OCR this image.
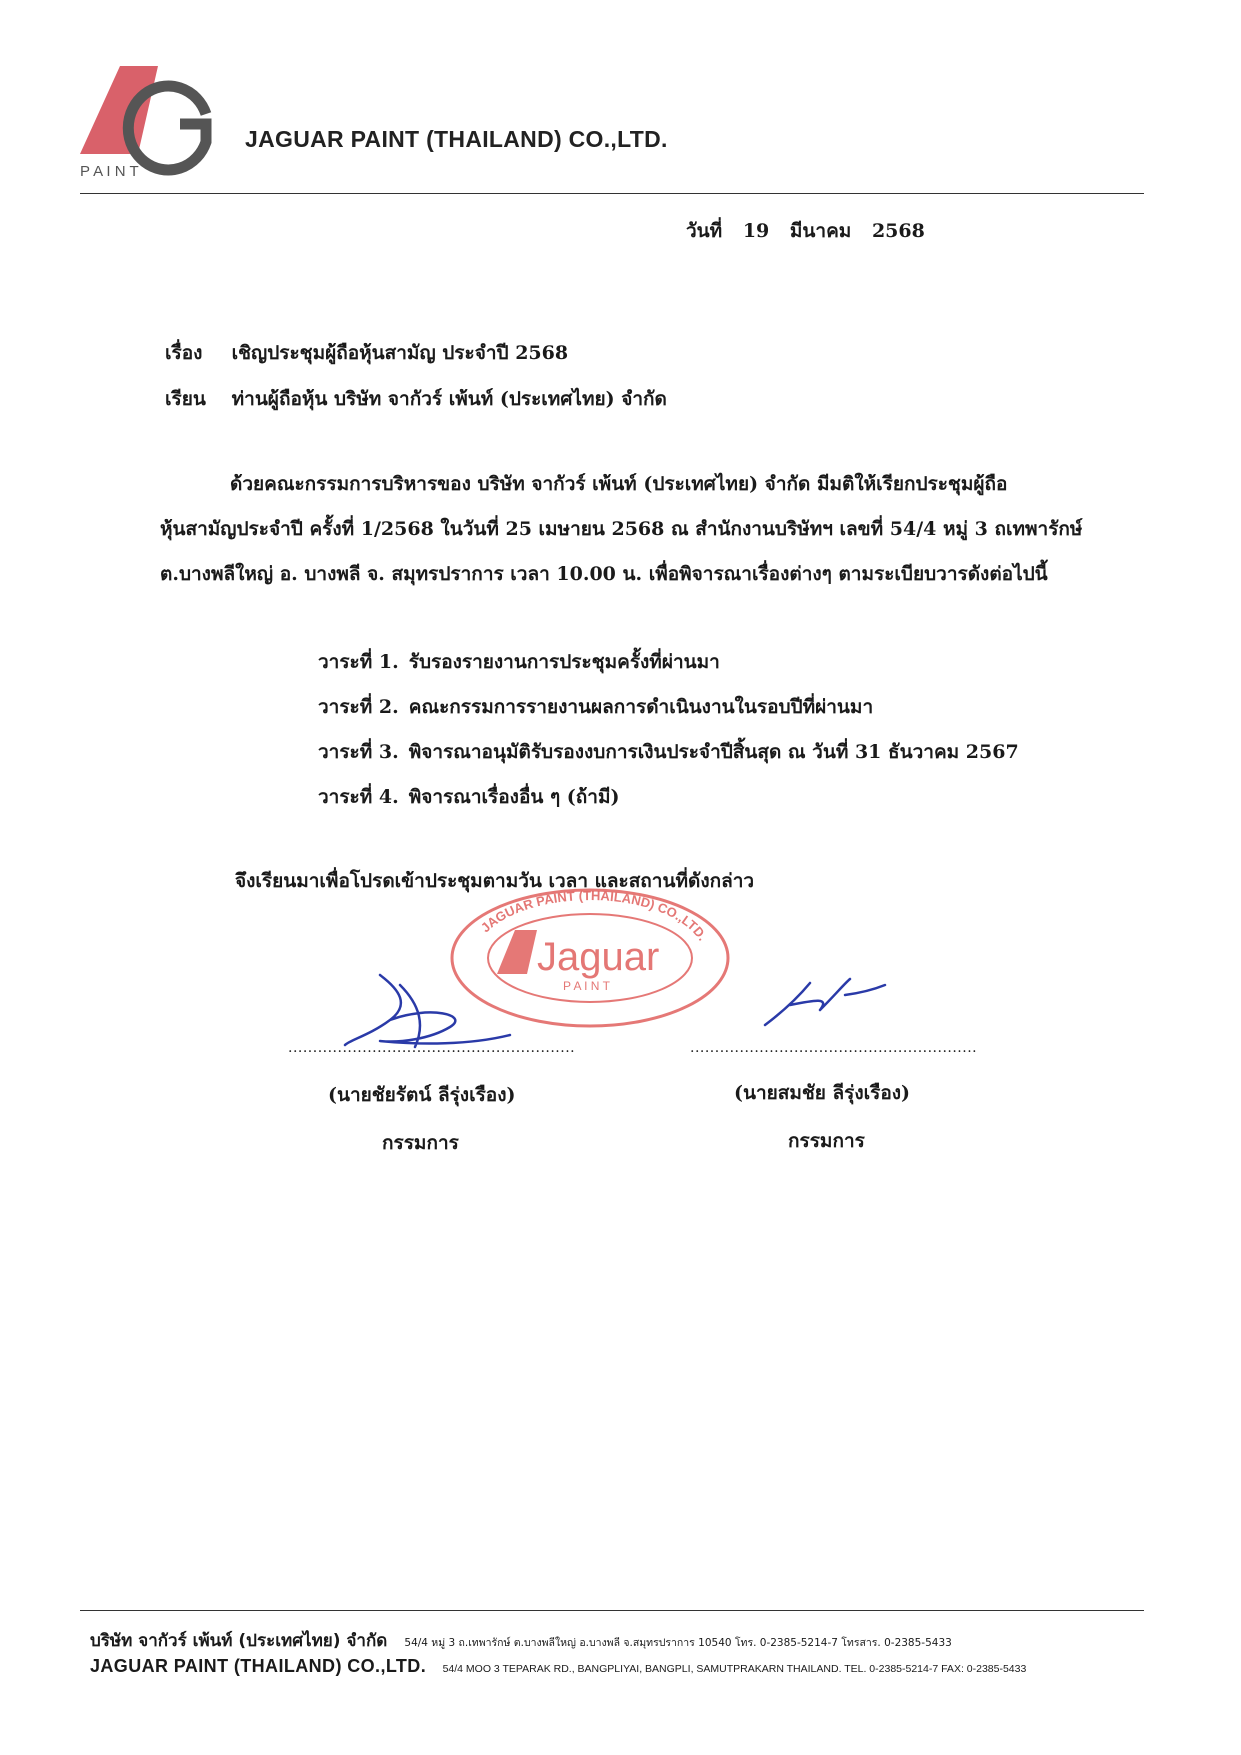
P A I N T
JAGUAR PAINT (THAILAND) CO.,LTD.
วันที่ 19 มีนาคม 2568
เรื่อง เชิญประชุมผู้ถือหุ้นสามัญ ประจำปี 2568
เรียน ท่านผู้ถือหุ้น บริษัท จากัวร์ เพ้นท์ (ประเทศไทย) จำกัด
ด้วยคณะกรรมการบริหารของ บริษัท จากัวร์ เพ้นท์ (ประเทศไทย) จำกัด มีมติให้เรียกประชุมผู้ถือ
หุ้นสามัญประจำปี ครั้งที่ 1/2568 ในวันที่ 25 เมษายน 2568 ณ สำนักงานบริษัทฯ เลขที่ 54/4 หมู่ 3 ถเทพารักษ์
ต.บางพลีใหญ่ อ. บางพลี จ. สมุทรปราการ เวลา 10.00 น. เพื่อพิจารณาเรื่องต่างๆ ตามระเบียบวารดังต่อไปนี้
วาระที่ 1. รับรองรายงานการประชุมครั้งที่ผ่านมา
วาระที่ 2. คณะกรรมการรายงานผลการดำเนินงานในรอบปีที่ผ่านมา
วาระที่ 3. พิจารณาอนุมัติรับรองงบการเงินประจำปีสิ้นสุด ณ วันที่ 31 ธันวาคม 2567
วาระที่ 4. พิจารณาเรื่องอื่น ๆ (ถ้ามี)
จึงเรียนมาเพื่อโปรดเข้าประชุมตามวัน เวลา และสถานที่ดังกล่าว
JAGUAR PAINT (THAILAND) CO.,LTD.
Jaguar
P A I N T
..........................................................	..........................................................
(นายชัยรัตน์ ลีรุ่งเรือง)	(นายสมชัย ลีรุ่งเรือง)
กรรมการ	กรรมการ
บริษัท จากัวร์ เพ้นท์ (ประเทศไทย) จำกัด 54/4 หมู่ 3 ถ.เทพารักษ์ ต.บางพลีใหญ่ อ.บางพลี จ.สมุทรปราการ 10540 โทร. 0-2385-5214-7 โทรสาร. 0-2385-5433
JAGUAR PAINT (THAILAND) CO.,LTD. 54/4 MOO 3 TEPARAK RD., BANGPLIYAI, BANGPLI, SAMUTPRAKARN THAILAND. TEL. 0-2385-5214-7 FAX: 0-2385-5433
